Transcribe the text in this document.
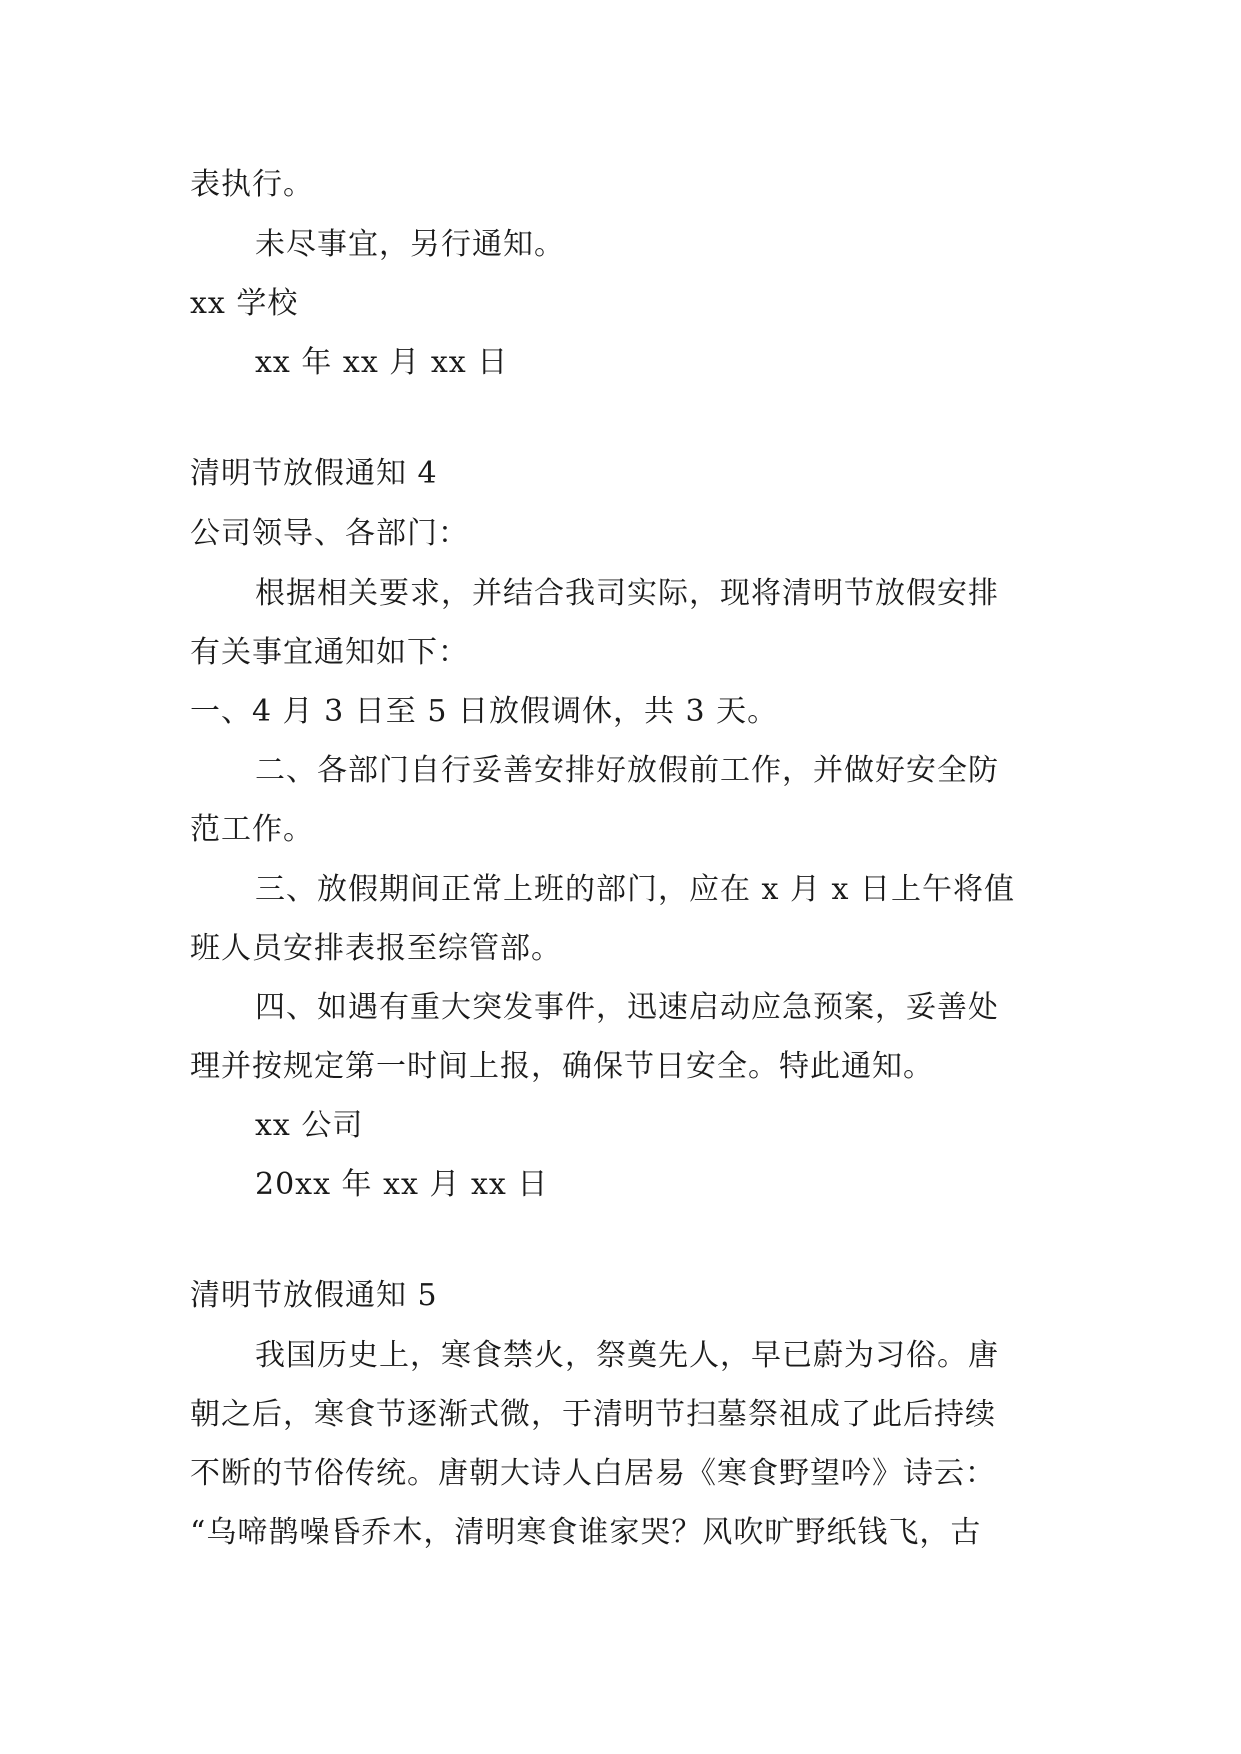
表执行。
未尽事宜，另行通知。
xx 学校
xx 年 xx 月 xx 日
清明节放假通知 4
公司领导、各部门：
根据相关要求，并结合我司实际，现将清明节放假安排
有关事宜通知如下：
一、4 月 3 日至 5 日放假调休，共 3 天。
二、各部门自行妥善安排好放假前工作，并做好安全防
范工作。
三、放假期间正常上班的部门，应在 x 月 x 日上午将值
班人员安排表报至综管部。
四、如遇有重大突发事件，迅速启动应急预案，妥善处
理并按规定第一时间上报，确保节日安全。特此通知。
xx 公司
20xx 年 xx 月 xx 日
清明节放假通知 5
我国历史上，寒食禁火，祭奠先人，早已蔚为习俗。唐
朝之后，寒食节逐渐式微，于清明节扫墓祭祖成了此后持续
不断的节俗传统。唐朝大诗人白居易《寒食野望吟》诗云：
“乌啼鹊噪昏乔木，清明寒食谁家哭？风吹旷野纸钱飞，古
